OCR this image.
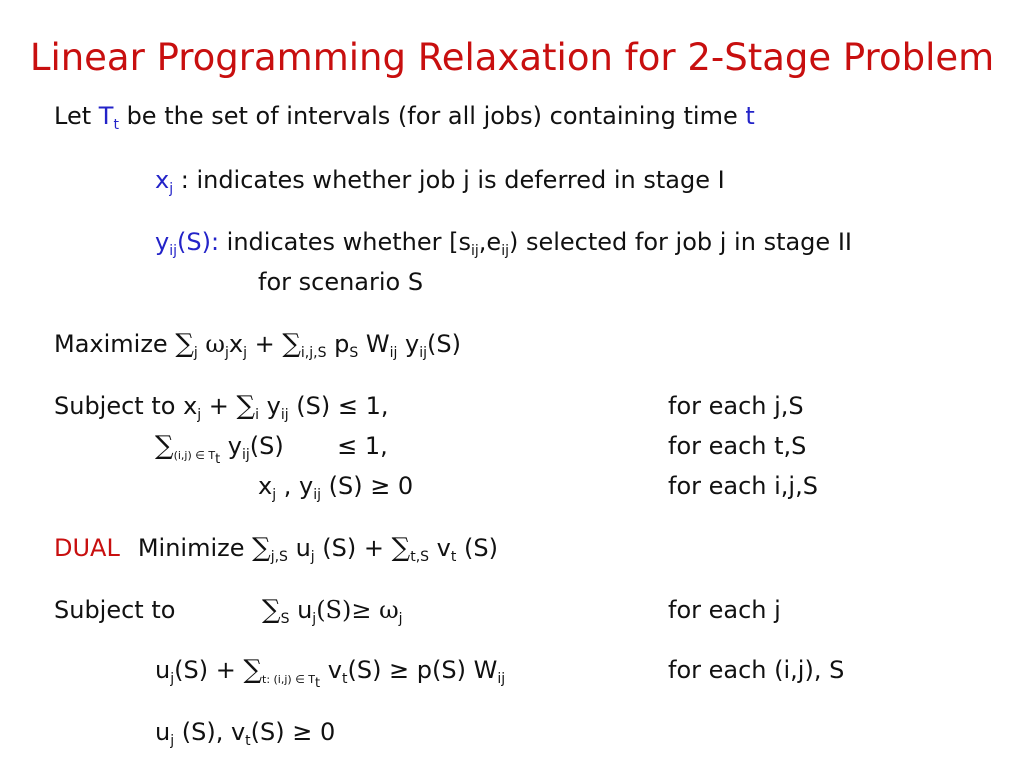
Linear Programming Relaxation for 2-Stage Problem
Let $T_t$ be the set of intervals (for all jobs) containing time t
$x_j$ : indicates whether job j is deferred in stage I
$y_{ij}(S)$: indicates whether $[s_{ij},e_{ij})$ selected for job j in stage II
for scenario S
Maximize $\sum_j$ $\omega_jx_j + \sum_{i,j,S}$ $p_S$ $W_{ij}$ $y_{ij}(S)$
Subject to $x_j + \sum_i$ $y_{ij}$ (S) ≤ 1,	for each j,S
$\sum_{(i,j) \in Tt}$ $y_{ij}(S)$       ≤ 1,	for each t,S
$x_j$ , $y_{ij}$ (S) ≥ 0	for each i,j,S
DUAL Minimize $\sum_{j,S}$ $u_j$ $(S) + \sum_{t,S}$ $v_t$ (S)
Subject to	$\sum_S$ $u_j(S)\ge \omega_j$	for each j
$u_j(S) + \sum_{t: (i,j) \in Tt}$ $v_t(S) \ge p(S)$ $W_{ij}$	for each (i,j), S
$u_j$ (S), $v_t(S) \ge 0$
